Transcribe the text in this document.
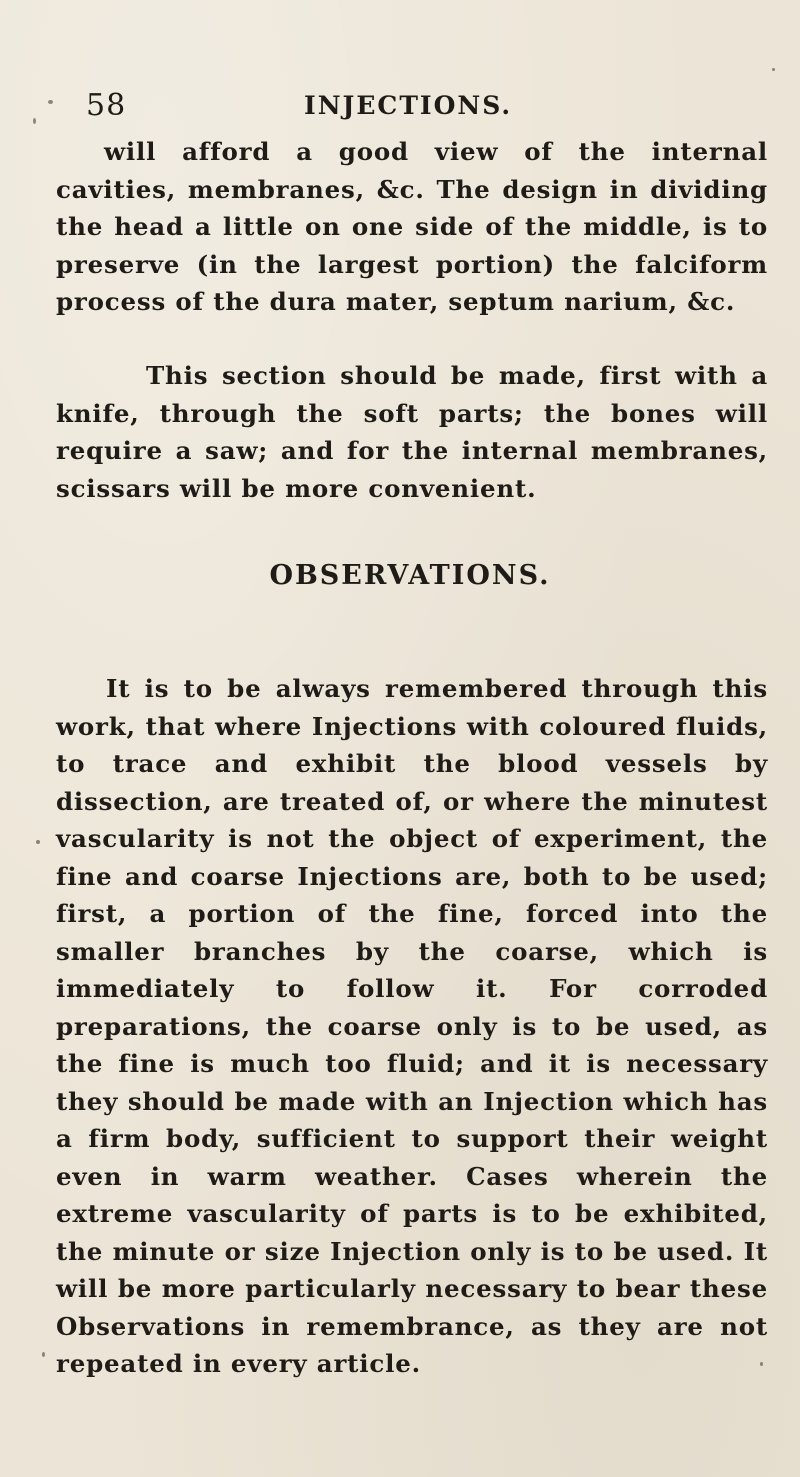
58	INJECTIONS.
will afford a good view of the internal cavities, membranes, &c. The design in dividing the head a little on one side of the middle, is to preserve (in the largest portion) the falciform process of the dura mater, septum narium, &c.
This section should be made, first with a knife, through the soft parts; the bones will require a saw; and for the internal membranes, scissars will be more convenient.
OBSERVATIONS.
It is to be always remembered through this work, that where Injections with coloured fluids, to trace and exhibit the blood vessels by dissection, are treated of, or where the minutest vascularity is not the object of experiment, the fine and coarse Injections are, both to be used; first, a portion of the fine, forced into the smaller branches by the coarse, which is immediately to follow it. For corroded preparations, the coarse only is to be used, as the fine is much too fluid; and it is necessary they should be made with an Injection which has a firm body, sufficient to support their weight even in warm weather. Cases wherein the extreme vascularity of parts is to be exhibited, the minute or size Injection only is to be used. It will be more particularly necessary to bear these Observations in remembrance, as they are not repeated in every article.
